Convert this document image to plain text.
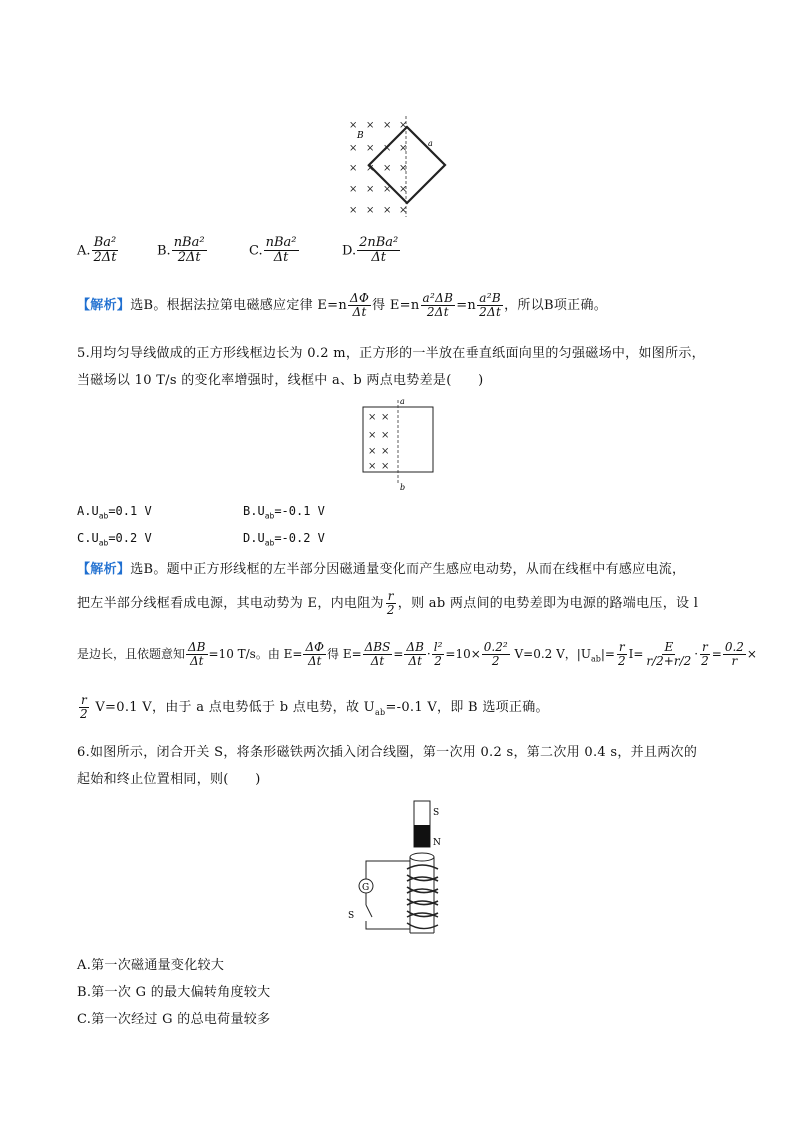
× × × ×
× × × ×
× × × ×
× × × ×
× × × ×
B
a
A. $\frac{\text{Ba²}}{2\Delta t}$	B. $\frac{\text{nBa²}}{2\Delta t}$	C. $\frac{\text{nBa²}}{\Delta t}$	D. $\frac{\text{2nBa²}}{\Delta t}$
【解析】选B。根据法拉第电磁感应定律 $E=n \frac{\Delta\Phi}{\Delta t}$ 得 $E=n \frac{\text{a²ΔB}}{2\Delta t} =n \frac{\text{a²B}}{2\Delta t}$ ，所以B项正确。
5.用均匀导线做成的正方形线框边长为 0.2 m，正方形的一半放在垂直纸面向里的匀强磁场中，如图所示，
当磁场以 10 T/s 的变化率增强时，线框中 a、b 两点电势差是(　　)
a
b
× ×
× ×
× ×
× ×
$A.U_{ab}=0.1$ V	$B.U_{ab}=-0.1$ V
$C.U_{ab}=0.2$ V	$D.U_{ab}=-0.2$ V
【解析】选B。题中正方形线框的左半部分因磁通量变化而产生感应电动势，从而在线框中有感应电流，
把左半部分线框看成电源，其电动势为 E，内电阻为 $\frac{r}{2}$ ，则 ab 两点间的电势差即为电源的路端电压，设 l
是边长，且依题意知 $\frac{\Delta B}{\Delta t} =10$ T/s。由 $E= \frac{\Delta\Phi}{\Delta t}$ 得 $E= \frac{\text{ΔBS}}{\Delta t} = \frac{\Delta B}{\Delta t} \cdot \frac{\text{l²}}{2} =10\times \frac{\text{0.2²}}{2} V=0.2$ V，$|U_{ab}|= \frac{r}{2} I= \frac{E}{r/2+r/2} \cdot \frac{r}{2} = \frac{0.2}{r}$ ×
$\frac{r}{2} V=0.1$ V，由于 a 点电势低于 b 点电势，故 $U_{ab}=-0.1$ V，即 B 选项正确。
6.如图所示，闭合开关 S，将条形磁铁两次插入闭合线圈，第一次用 0.2 s，第二次用 0.4 s，并且两次的
起始和终止位置相同，则(　　)
S
N
G
S
A.第一次磁通量变化较大
B.第一次 G 的最大偏转角度较大
C.第一次经过 G 的总电荷量较多
